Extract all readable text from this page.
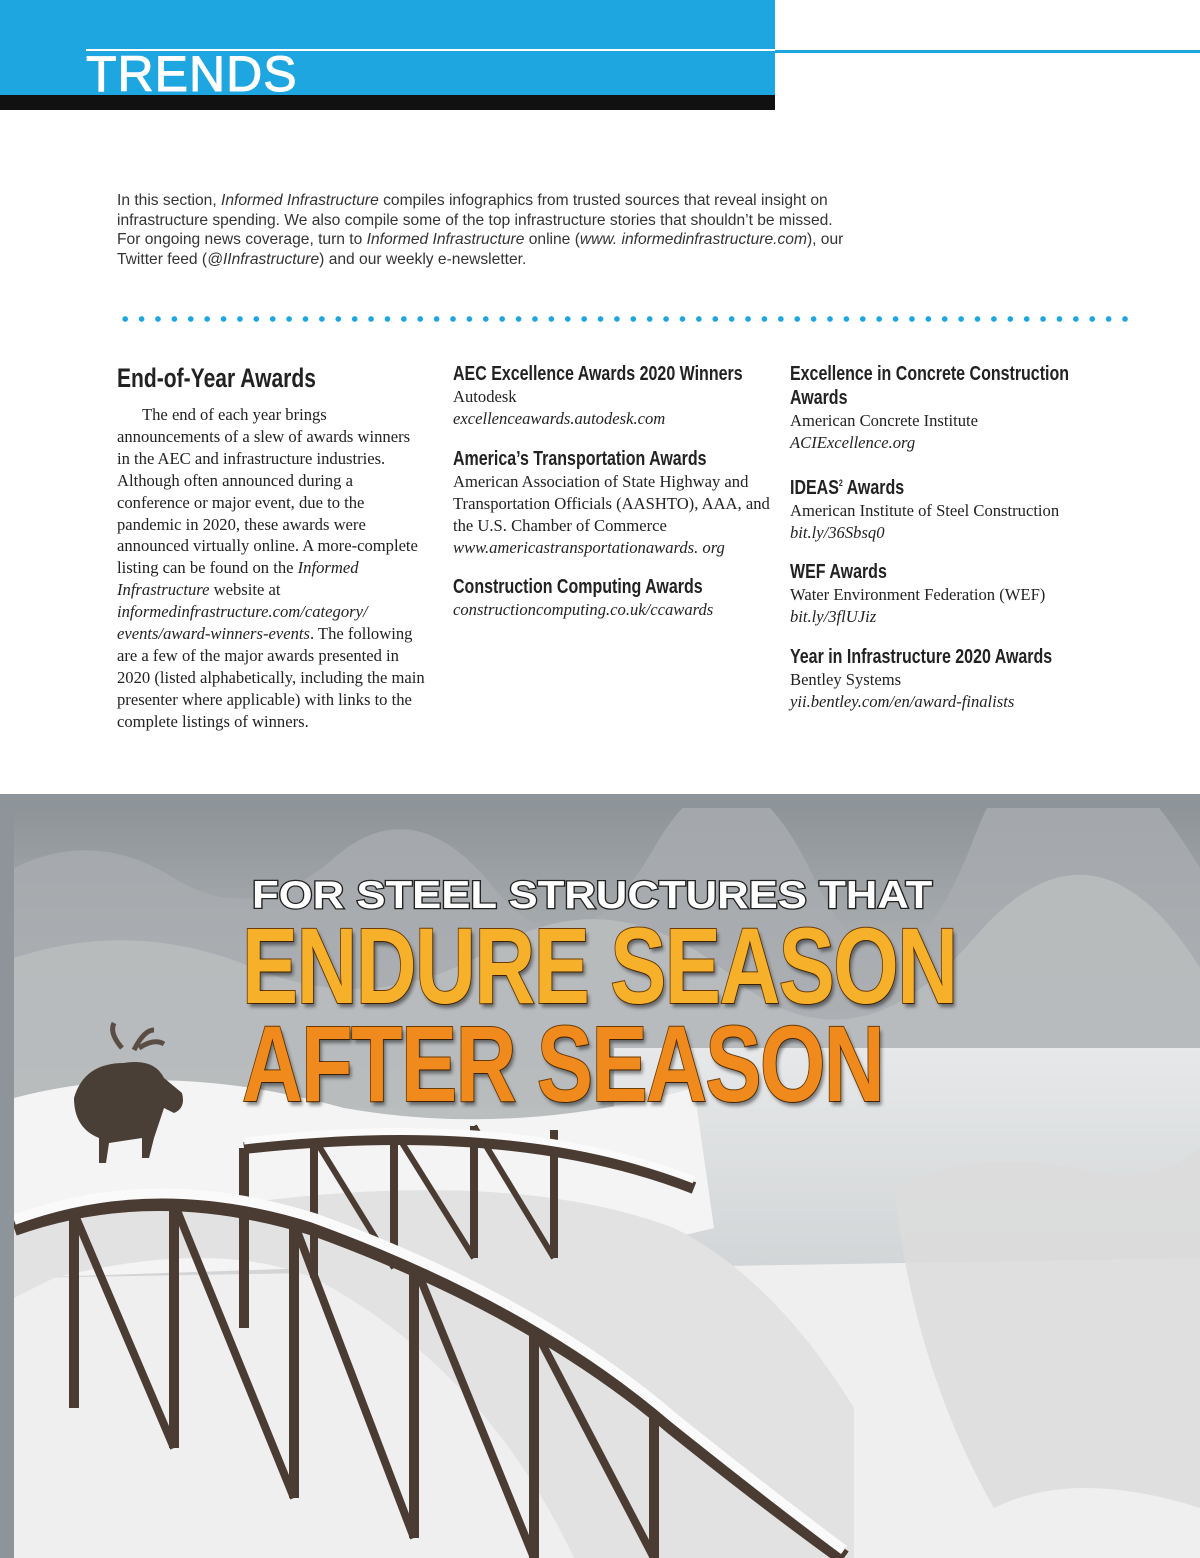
TRENDS
In this section, Informed Infrastructure compiles infographics from trusted sources that reveal insight on infrastructure spending. We also compile some of the top infrastructure stories that shouldn’t be missed. For ongoing news coverage, turn to Informed Infrastructure online (www. informedinfrastructure.com), our Twitter feed (@IInfrastructure) and our weekly e-newsletter.
End-of-Year Awards
The end of each year brings announcements of a slew of awards winners in the AEC and infrastructure industries. Although often announced during a conference or major event, due to the pandemic in 2020, these awards were announced virtually online. A more-complete listing can be found on the Informed Infrastructure website at informedinfrastructure.com/category/ events/award-winners-events. The following are a few of the major awards presented in 2020 (listed alphabetically, including the main presenter where applicable) with links to the complete listings of winners.
AEC Excellence Awards 2020 Winners
Autodesk
excellenceawards.autodesk.com
America’s Transportation Awards
American Association of State Highway and Transportation Officials (AASHTO), AAA, and the U.S. Chamber of Commerce
www.americastransportationawards. org
Construction Computing Awards
constructioncomputing.co.uk/ccawards
Excellence in Concrete Construction Awards
American Concrete Institute
ACIExcellence.org
IDEAS$^2$ Awards
American Institute of Steel Construction
bit.ly/36Sbsq0
WEF Awards
Water Environment Federation (WEF)
bit.ly/3flUJiz
Year in Infrastructure 2020 Awards
Bentley Systems
yii.bentley.com/en/award-finalists
FOR STEEL STRUCTURES THAT
ENDURE SEASON
AFTER SEASON
